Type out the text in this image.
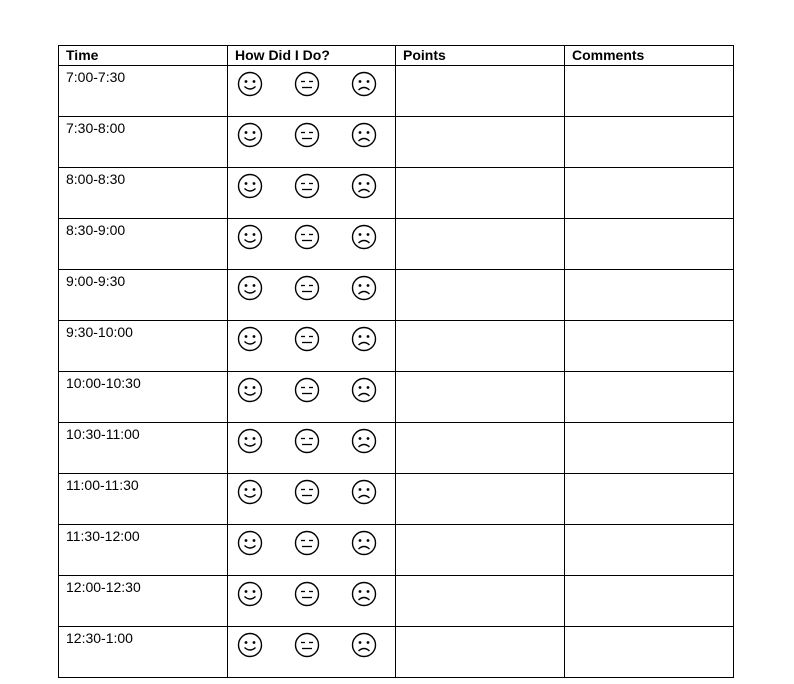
Time	How Did I Do?	Points	Comments
7:00-7:30	

7:30-8:00	

8:00-8:30	

8:30-9:00	

9:00-9:30	

9:30-10:00	

10:00-10:30	

10:30-11:00	

11:00-11:30	

11:30-12:00	

12:00-12:30	

12:30-1:00	
